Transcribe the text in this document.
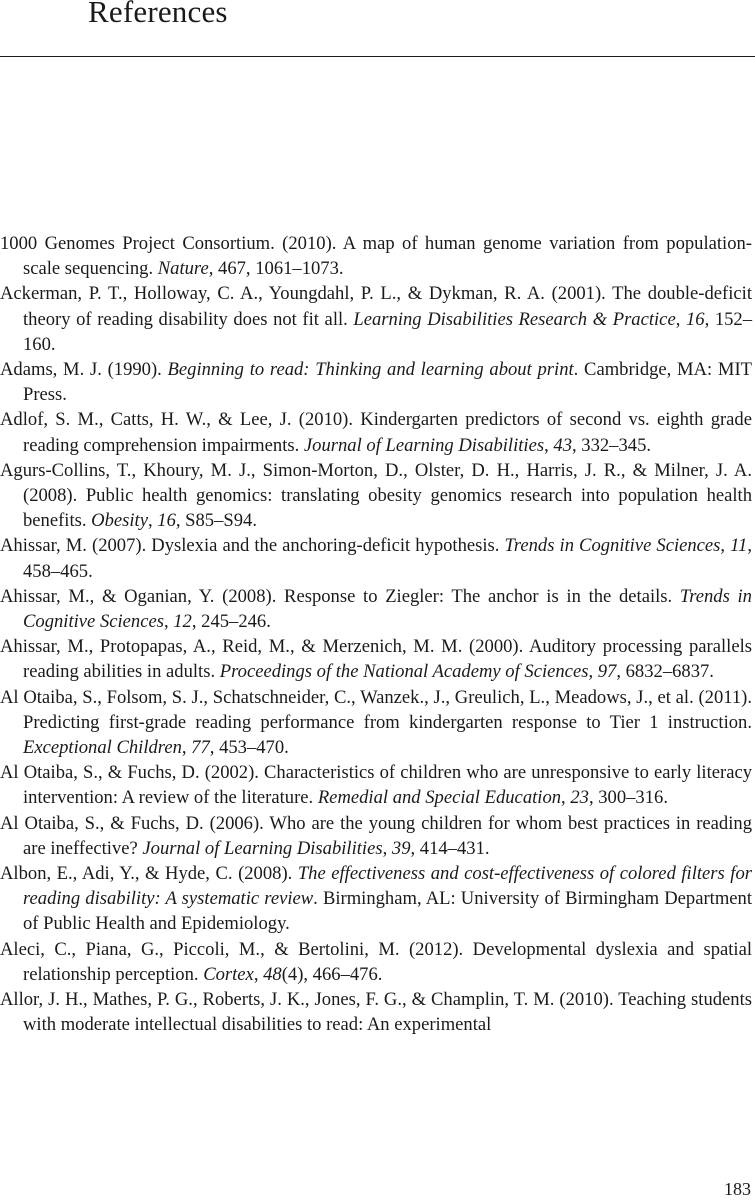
References
1000 Genomes Project Consortium. (2010). A map of human genome variation from population-scale sequencing. Nature, 467, 1061–1073.
Ackerman, P. T., Holloway, C. A., Youngdahl, P. L., & Dykman, R. A. (2001). The double-deficit theory of reading disability does not fit all. Learning Disabilities Research & Practice, 16, 152–160.
Adams, M. J. (1990). Beginning to read: Thinking and learning about print. Cambridge, MA: MIT Press.
Adlof, S. M., Catts, H. W., & Lee, J. (2010). Kindergarten predictors of second vs. eighth grade reading comprehension impairments. Journal of Learning Disabilities, 43, 332–345.
Agurs-Collins, T., Khoury, M. J., Simon-Morton, D., Olster, D. H., Harris, J. R., & Milner, J. A. (2008). Public health genomics: translating obesity genomics research into population health benefits. Obesity, 16, S85–S94.
Ahissar, M. (2007). Dyslexia and the anchoring-deficit hypothesis. Trends in Cognitive Sciences, 11, 458–465.
Ahissar, M., & Oganian, Y. (2008). Response to Ziegler: The anchor is in the details. Trends in Cognitive Sciences, 12, 245–246.
Ahissar, M., Protopapas, A., Reid, M., & Merzenich, M. M. (2000). Auditory processing parallels reading abilities in adults. Proceedings of the National Academy of Sciences, 97, 6832–6837.
Al Otaiba, S., Folsom, S. J., Schatschneider, C., Wanzek., J., Greulich, L., Meadows, J., et al. (2011). Predicting first-grade reading performance from kindergarten response to Tier 1 instruction. Exceptional Children, 77, 453–470.
Al Otaiba, S., & Fuchs, D. (2002). Characteristics of children who are unresponsive to early literacy intervention: A review of the literature. Remedial and Special Education, 23, 300–316.
Al Otaiba, S., & Fuchs, D. (2006). Who are the young children for whom best practices in reading are ineffective? Journal of Learning Disabilities, 39, 414–431.
Albon, E., Adi, Y., & Hyde, C. (2008). The effectiveness and cost-effectiveness of colored filters for reading disability: A systematic review. Birmingham, AL: University of Birmingham Department of Public Health and Epidemiology.
Aleci, C., Piana, G., Piccoli, M., & Bertolini, M. (2012). Developmental dyslexia and spatial relationship perception. Cortex, 48(4), 466–476.
Allor, J. H., Mathes, P. G., Roberts, J. K., Jones, F. G., & Champlin, T. M. (2010). Teaching students with moderate intellectual disabilities to read: An experimental
183
